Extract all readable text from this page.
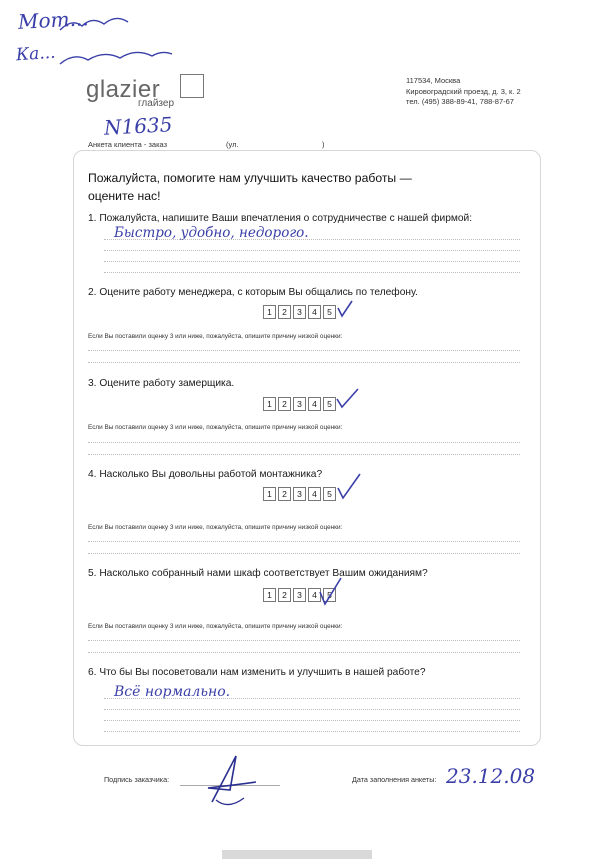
Мот...
Ка...
glazier
глайзер
117534, Москва
Кировоградский проезд, д. 3, к. 2
тел. (495) 388-89-41, 788-87-67
N1635
Анкета клиента - заказ	(ул.	)
Пожалуйста, помогите нам улучшить качество работы —
оцените нас!
1. Пожалуйста, напишите Ваши впечатления о сотрудничестве с нашей фирмой:
Быстро, удобно, недорого.
2. Оцените работу менеджера, с которым Вы общались по телефону.
1	2	3	4	5
Если Вы поставили оценку 3 или ниже, пожалуйста, опишите причину низкой оценки:
3. Оцените работу замерщика.
1	2	3	4	5
Если Вы поставили оценку 3 или ниже, пожалуйста, опишите причину низкой оценки:
4. Насколько Вы довольны работой монтажника?
1	2	3	4	5
Если Вы поставили оценку 3 или ниже, пожалуйста, опишите причину низкой оценки:
5. Насколько собранный нами шкаф соответствует Вашим ожиданиям?
1	2	3	4	5
Если Вы поставили оценку 3 или ниже, пожалуйста, опишите причину низкой оценки:
6. Что бы Вы посоветовали нам изменить и улучшить в нашей работе?
Всё нормально.
Подпись заказчика:	Дата заполнения анкеты: 23.12.08
